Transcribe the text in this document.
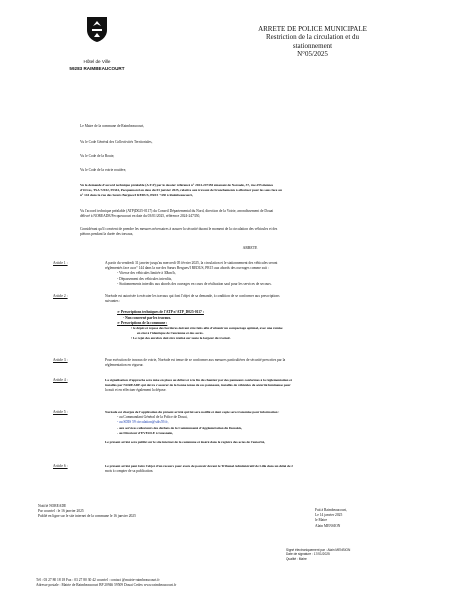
Hôtel de Ville
59283 RAIMBEAUCOURT
ARRETE DE POLICE MUNICIPALE
Restriction de la circulation et du
stationnement
N°05/2025
Le Maire de la commune de Raimbeaucourt,
Vu le Code Général des Collectivités Territoriales,
Vu le Code de la Route,
Vu le Code de la voirie routière,
Vu la demande d'accord technique préalable (A.T.P) par le dossier référencé n° 2024-247350 émanant de Noreade, 37, rue d'Estiennes
d'Orves, TSA 72102, 59344, Pacquemorel en date du 03 janvier 2025, relative aux travaux de branchements à effectuer pour les sous face au
n° 144 dans la rue des Sœurs Bergues/I REDUS, PR15 +430 à Raimbeaucourt,
Vu l'accord technique préalable (ATP)D025-0117) du Conseil Départemental du Nord, direction de la Voirie, arrondissement de Douai
délivré à NOREADE/Fecqueucourt en date du 03/01/2025, référence 2024-247350,
Considérant qu'il convient de prendre les mesures nécessaires à assurer la sécurité durant le moment de la circulation des véhicules et des
piétons pendant la durée des travaux,
ARRETE
Article 1 :	A partir du vendredi 31 janvier jusqu'au mercredi 05 février 2025, la circulation et le stationnement des véhicules seront
réglementés face au n° 144 dans la rue des Sœurs Bergues/I REDUS, PR15 aux abords des ouvrages comme suit :
- Vitesse des véhicules limitée à 30km/h,
- Dépassement des véhicules interdits,
- Stationnements interdits aux abords des ouvrages en cours de réalisation sauf pour les services de secours.
Article 2 :	Noréade est autorisée à exécuter les travaux qui font l'objet de sa demande, à condition de se conformer aux prescriptions
suivantes :
➢ Prescriptions techniques de l'ATP n°ATP_D025-0117 :
- Non concerné par les travaux.
➢ Prescriptions de la commune :
• le dépôt et repose des bordures doivent être faits afin d'obtenir un compactage optimal, avec une remise
en état à l'identique de l'ancienne et des accès.
• Le rejet des enrobés doit être réalisé sur toute la largeur du trottoir.
Article 3 :	Pour exécution de travaux de voirie, Noréade est tenue de se conformer aux mesures particulières de sécurité prescrites par la
réglementation en vigueur.
Article 4 :	La signalisation d'approche sera mise en place au début et à la fin du chantier par des panneaux conformes à la réglementation et
installés par NOREADE qui devra s'assurer de la bonne tenue de ces panneaux, installés de véhicules de sécurité lumineuse pour
la nuit et en effectuer également la dépose.
Article 5 :	Noréade est chargée de l'application du présent arrêté qui lui sera notifié et dont copie sera transmise pour information :
- au Commandant Général de la Police de Douai,
- au SDIS 59 circulation@sdis59.fr,
- aux services collecteurs des déchets de la Communauté d'Agglomération du Douaisis,
- au Directeur d'EVEOLE à Guesnain,
Le présent arrêté sera publié sur le site internet de la commune et inséré dans le registre des actes de l'autorité,
Article 6 :	Le présent arrêté peut faire l'objet d'un recours pour excès de pouvoir devant le Tribunal Administratif de Lille dans un délai de 2
mois à compter de sa publication.
Notifié NOREADE
Par courriel : le 16 janvier 2025
Publié en ligne sur le site internet de la commune le 16 janvier 2025
Fait à Raimbeaucourt,
Le 14 janvier 2025
le Maire
Alain MENSION
Signé électroniquement par : Alain MENSION
Date de signature : 17/01/2025
Qualité : Maire
Tél : 03 27 80 18 18 Fax : 03 27 80 30 42 courriel : contact @mairie-raimbeaucourt.fr
Adresse postale : Mairie de Raimbeaucourt BP 20946 59509 Douai Cedex www.raimbeaucourt.fr
